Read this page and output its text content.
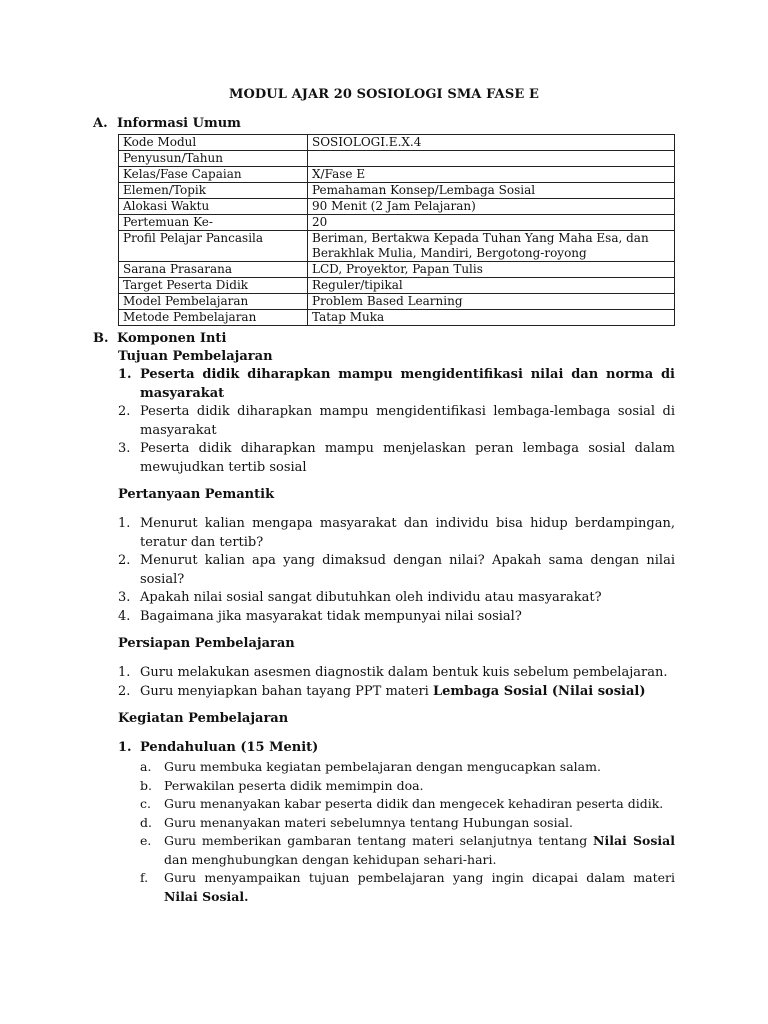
MODUL AJAR 20 SOSIOLOGI SMA FASE E
A. Informasi Umum
Kode Modul	SOSIOLOGI.E.X.4
Penyusun/Tahun	
Kelas/Fase Capaian	X/Fase E
Elemen/Topik	Pemahaman Konsep/Lembaga Sosial
Alokasi Waktu	90 Menit (2 Jam Pelajaran)
Pertemuan Ke-	20
Profil Pelajar Pancasila	Beriman, Bertakwa Kepada Tuhan Yang Maha Esa, dan
Berakhlak Mulia, Mandiri, Bergotong-royong

Sarana Prasarana	LCD, Proyektor, Papan Tulis
Target Peserta Didik	Reguler/tipikal
Model Pembelajaran	Problem Based Learning
Metode Pembelajaran	Tatap Muka
B. Komponen Inti
Tujuan Pembelajaran
1. Peserta didik diharapkan mampu mengidentifikasi nilai dan norma di masyarakat
2. Peserta didik diharapkan mampu mengidentifikasi lembaga-lembaga sosial di masyarakat
3. Peserta didik diharapkan mampu menjelaskan peran lembaga sosial dalam mewujudkan tertib sosial
Pertanyaan Pemantik
1. Menurut kalian mengapa masyarakat dan individu bisa hidup berdampingan, teratur dan tertib?
2. Menurut kalian apa yang dimaksud dengan nilai? Apakah sama dengan nilai sosial?
3. Apakah nilai sosial sangat dibutuhkan oleh individu atau masyarakat?
4. Bagaimana jika masyarakat tidak mempunyai nilai sosial?
Persiapan Pembelajaran
1. Guru melakukan asesmen diagnostik dalam bentuk kuis sebelum pembelajaran.
2. Guru menyiapkan bahan tayang PPT materi Lembaga Sosial (Nilai sosial)
Kegiatan Pembelajaran
1. Pendahuluan (15 Menit)
a. Guru membuka kegiatan pembelajaran dengan mengucapkan salam.
b. Perwakilan peserta didik memimpin doa.
c. Guru menanyakan kabar peserta didik dan mengecek kehadiran peserta didik.
d. Guru menanyakan materi sebelumnya tentang Hubungan sosial.
e. Guru memberikan gambaran tentang materi selanjutnya tentang Nilai Sosial dan menghubungkan dengan kehidupan sehari-hari.
f. Guru menyampaikan tujuan pembelajaran yang ingin dicapai dalam materi Nilai Sosial.
